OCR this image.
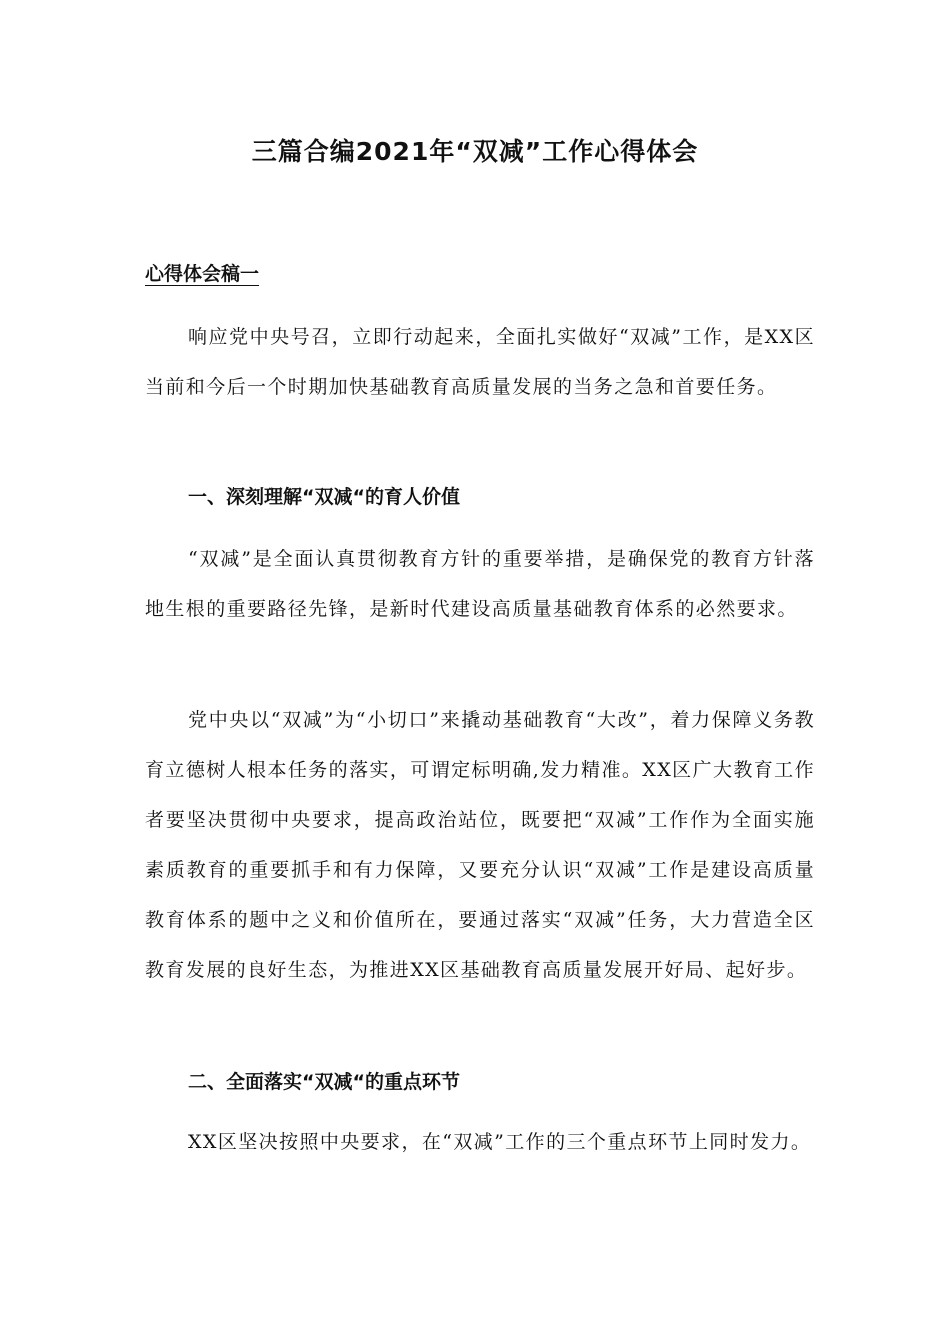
三篇合编2021年“双减”工作心得体会
心得体会稿一
响应党中央号召，立即行动起来，全面扎实做好“双减”工作，是XX区当前和今后一个时期加快基础教育高质量发展的当务之急和首要任务。
一、深刻理解“双减“的育人价值
“双减”是全面认真贯彻教育方针的重要举措，是确保党的教育方针落地生根的重要路径先锋，是新时代建设高质量基础教育体系的必然要求。
党中央以“双减”为“小切口”来撬动基础教育“大改”，着力保障义务教育立德树人根本任务的落实，可谓定标明确,发力精准。XX区广大教育工作者要坚决贯彻中央要求，提高政治站位，既要把“双减”工作作为全面实施素质教育的重要抓手和有力保障，又要充分认识“双减”工作是建设高质量教育体系的题中之义和价值所在，要通过落实“双减”任务，大力营造全区教育发展的良好生态，为推进XX区基础教育高质量发展开好局、起好步。
二、全面落实“双减“的重点环节
XX区坚决按照中央要求，在“双减”工作的三个重点环节上同时发力。
